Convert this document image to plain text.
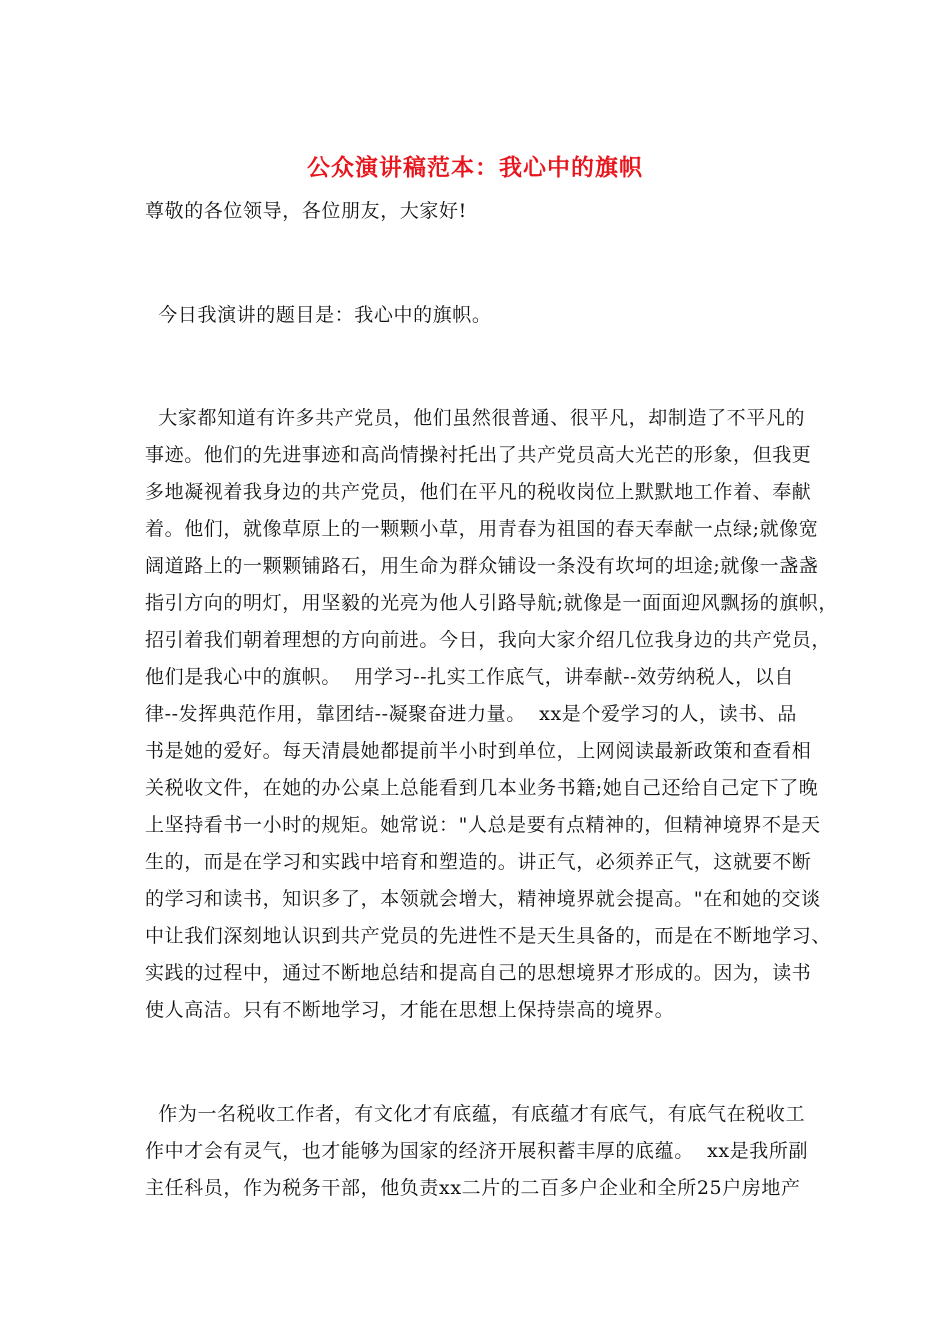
公众演讲稿范本：我心中的旗帜
尊敬的各位领导，各位朋友，大家好!
今日我演讲的题目是：我心中的旗帜。
大家都知道有许多共产党员，他们虽然很普通、很平凡，却制造了不平凡的
事迹。他们的先进事迹和高尚情操衬托出了共产党员高大光芒的形象，但我更
多地凝视着我身边的共产党员，他们在平凡的税收岗位上默默地工作着、奉献
着。他们，就像草原上的一颗颗小草，用青春为祖国的春天奉献一点绿;就像宽
阔道路上的一颗颗铺路石，用生命为群众铺设一条没有坎坷的坦途;就像一盏盏
指引方向的明灯，用坚毅的光亮为他人引路导航;就像是一面面迎风飘扬的旗帜，
招引着我们朝着理想的方向前进。今日，我向大家介绍几位我身边的共产党员，
他们是我心中的旗帜。  用学习--扎实工作底气，讲奉献--效劳纳税人，以自
律--发挥典范作用，靠团结--凝聚奋进力量。  xx是个爱学习的人，读书、品
书是她的爱好。每天清晨她都提前半小时到单位，上网阅读最新政策和查看相
关税收文件，在她的办公桌上总能看到几本业务书籍;她自己还给自己定下了晚
上坚持看书一小时的规矩。她常说："人总是要有点精神的，但精神境界不是天
生的，而是在学习和实践中培育和塑造的。讲正气，必须养正气，这就要不断
的学习和读书，知识多了，本领就会增大，精神境界就会提高。"在和她的交谈
中让我们深刻地认识到共产党员的先进性不是天生具备的，而是在不断地学习、
实践的过程中，通过不断地总结和提高自己的思想境界才形成的。因为，读书
使人高洁。只有不断地学习，才能在思想上保持崇高的境界。
作为一名税收工作者，有文化才有底蕴，有底蕴才有底气，有底气在税收工
作中才会有灵气，也才能够为国家的经济开展积蓄丰厚的底蕴。  xx是我所副
主任科员，作为税务干部，他负责xx二片的二百多户企业和全所25户房地产
